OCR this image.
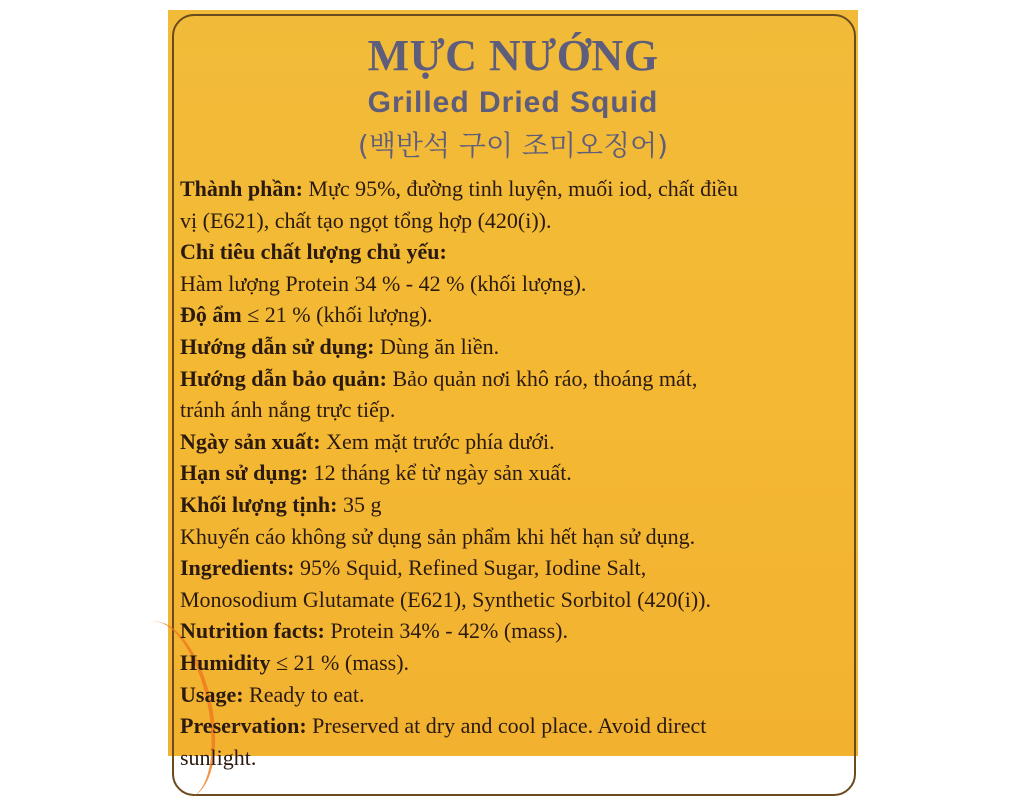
MỰC NƯỚNG
Grilled Dried Squid
(백반석 구이 조미오징어)
Thành phần: Mực 95%, đường tinh luyện, muối iod, chất điều
vị (E621), chất tạo ngọt tổng hợp (420(i)).
Chỉ tiêu chất lượng chủ yếu:
Hàm lượng Protein 34 % - 42 % (khối lượng).
Độ ẩm ≤ 21 % (khối lượng).
Hướng dẫn sử dụng: Dùng ăn liền.
Hướng dẫn bảo quản: Bảo quản nơi khô ráo, thoáng mát,
tránh ánh nắng trực tiếp.
Ngày sản xuất: Xem mặt trước phía dưới.
Hạn sử dụng: 12 tháng kể từ ngày sản xuất.
Khối lượng tịnh: 35 g
Khuyến cáo không sử dụng sản phẩm khi hết hạn sử dụng.
Ingredients: 95% Squid, Refined Sugar, Iodine Salt,
Monosodium Glutamate (E621), Synthetic Sorbitol (420(i)).
Nutrition facts: Protein 34% - 42% (mass).
Humidity ≤ 21 % (mass).
Usage: Ready to eat.
Preservation: Preserved at dry and cool place. Avoid direct
sunlight.
